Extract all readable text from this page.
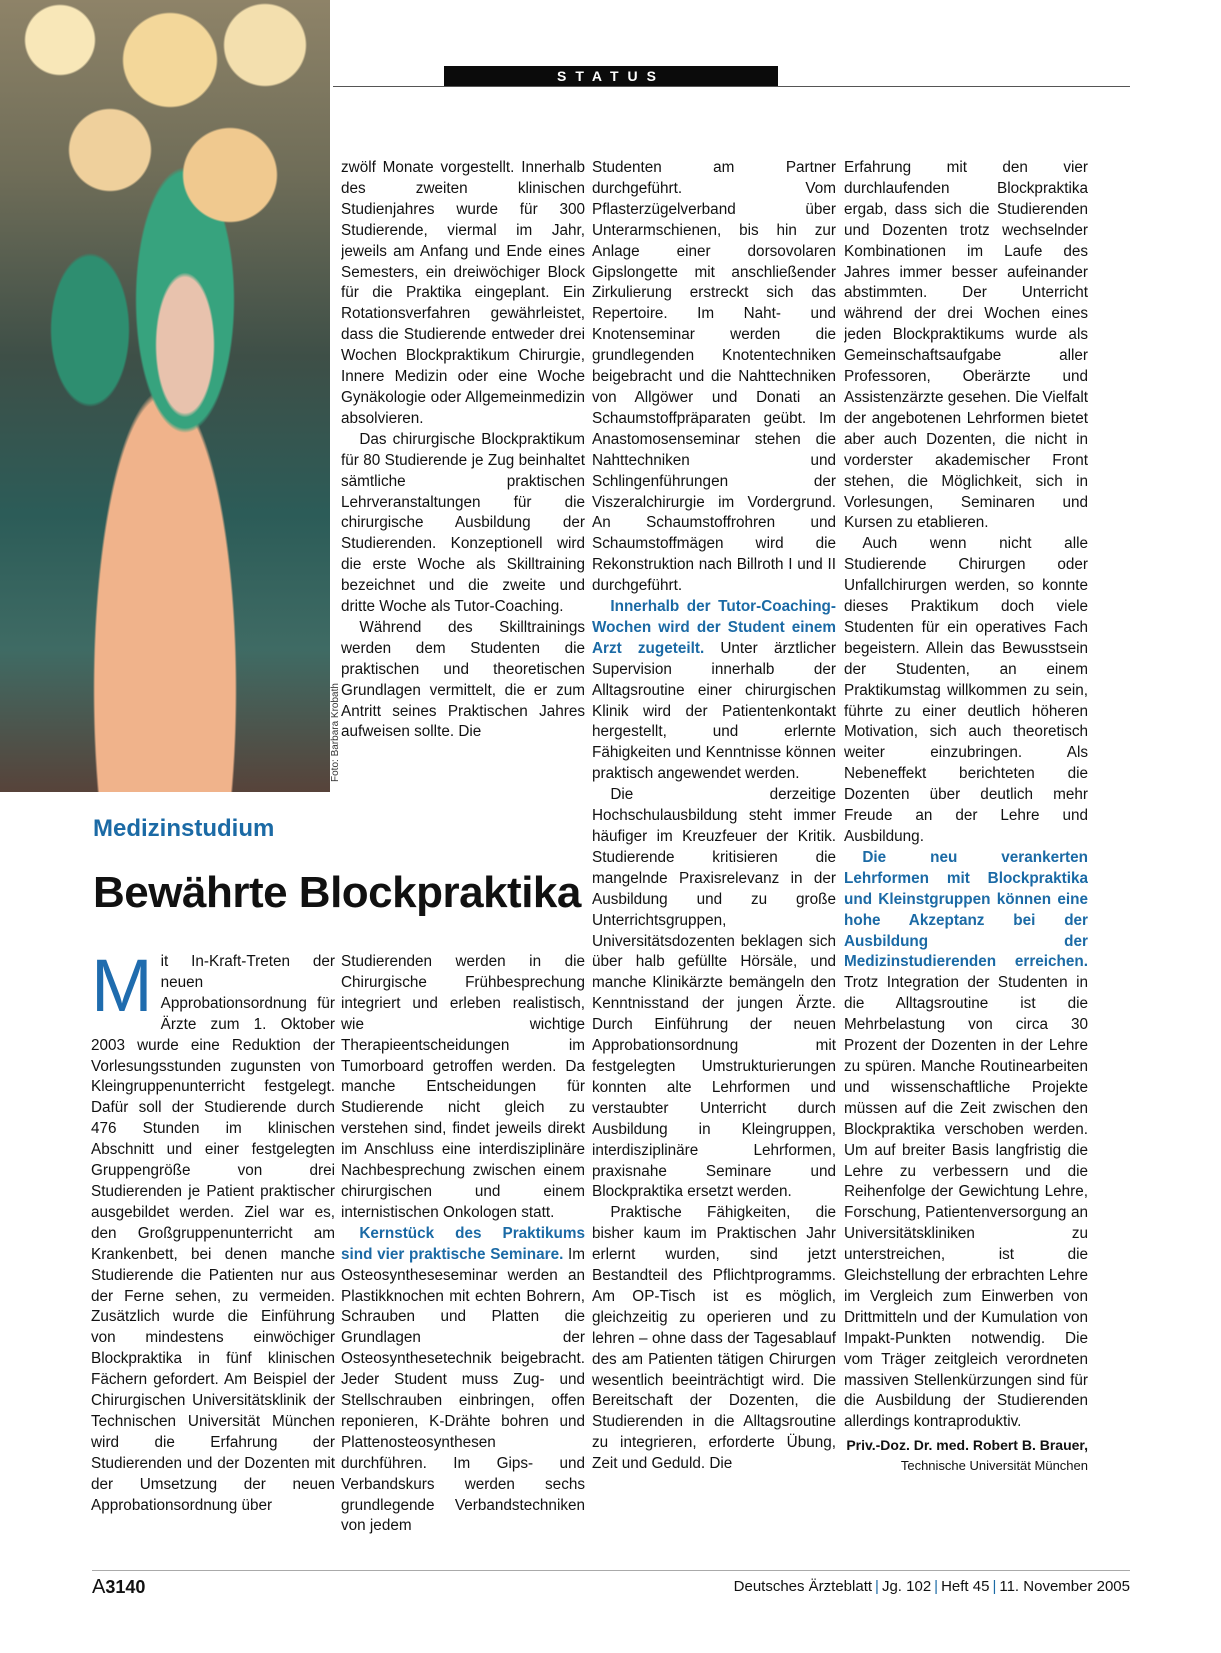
STATUS
Foto: Barbara Krobath

zwölf Monate vorgestellt. Innerhalb des zweiten klinischen Studienjahres wurde für 300 Studierende, viermal im Jahr, jeweils am Anfang und Ende eines Semesters, ein dreiwöchiger Block für die Praktika eingeplant. Ein Rotationsverfahren gewährleistet, dass die Studierende entweder drei Wochen Blockpraktikum Chirurgie, Innere Medizin oder eine Woche Gynäkologie oder Allgemeinmedizin absolvieren.

Das chirurgische Blockpraktikum für 80 Studierende je Zug beinhaltet sämtliche praktischen Lehrveranstaltungen für die chirurgische Ausbildung der Studierenden. Konzeptionell wird die erste Woche als Skilltraining bezeichnet und die zweite und dritte Woche als Tutor-Coaching.

Während des Skilltrainings werden dem Studenten die praktischen und theoretischen Grundlagen vermittelt, die er zum Antritt seines Praktischen Jahres aufweisen sollte. Die

Medizinstudium
Bewährte Blockpraktika

Mit In-Kraft-Treten der neuen Approbationsordnung für Ärzte zum 1. Oktober 2003 wurde eine Reduktion der Vorlesungsstunden zugunsten von Kleingruppenunterricht festgelegt. Dafür soll der Studierende durch 476 Stunden im klinischen Abschnitt und einer festgelegten Gruppengröße von drei Studierenden je Patient praktischer ausgebildet werden. Ziel war es, den Großgruppenunterricht am Krankenbett, bei denen manche Studierende die Patienten nur aus der Ferne sehen, zu vermeiden. Zusätzlich wurde die Einführung von mindestens einwöchiger Blockpraktika in fünf klinischen Fächern gefordert. Am Beispiel der Chirurgischen Universitätsklinik der Technischen Universität München wird die Erfahrung der Studierenden und der Dozenten mit der Umsetzung der neuen Approbationsordnung über

Studierenden werden in die Chirurgische Frühbesprechung integriert und erleben realistisch, wie wichtige Therapieentscheidungen im Tumorboard getroffen werden. Da manche Entscheidungen für Studierende nicht gleich zu verstehen sind, findet jeweils direkt im Anschluss eine interdisziplinäre Nachbesprechung zwischen einem chirurgischen und einem internistischen Onkologen statt.

Kernstück des Praktikums sind vier praktische Seminare. Im Osteosyntheseseminar werden an Plastikknochen mit echten Bohrern, Schrauben und Platten die Grundlagen der Osteosynthesetechnik beigebracht. Jeder Student muss Zug- und Stellschrauben einbringen, offen reponieren, K-Drähte bohren und Plattenosteosynthesen durchführen. Im Gips- und Verbandskurs werden sechs grundlegende Verbandstechniken von jedem

Studenten am Partner durchgeführt. Vom Pflasterzügelverband über Unterarmschienen, bis hin zur Anlage einer dorsovolaren Gipslongette mit anschließender Zirkulierung erstreckt sich das Repertoire. Im Naht- und Knotenseminar werden die grundlegenden Knotentechniken beigebracht und die Nahttechniken von Allgöwer und Donati an Schaumstoffpräparaten geübt. Im Anastomosenseminar stehen die Nahttechniken und Schlingenführungen der Viszeralchirurgie im Vordergrund. An Schaumstoffrohren und Schaumstoffmägen wird die Rekonstruktion nach Billroth I und II durchgeführt.

Innerhalb der Tutor-Coaching-Wochen wird der Student einem Arzt zugeteilt. Unter ärztlicher Supervision innerhalb der Alltagsroutine einer chirurgischen Klinik wird der Patientenkontakt hergestellt, und erlernte Fähigkeiten und Kenntnisse können praktisch angewendet werden.

Die derzeitige Hochschulausbildung steht immer häufiger im Kreuzfeuer der Kritik. Studierende kritisieren die mangelnde Praxisrelevanz in der Ausbildung und zu große Unterrichtsgruppen, Universitätsdozenten beklagen sich über halb gefüllte Hörsäle, und manche Klinikärzte bemängeln den Kenntnisstand der jungen Ärzte. Durch Einführung der neuen Approbationsordnung mit festgelegten Umstrukturierungen konnten alte Lehrformen und verstaubter Unterricht durch Ausbildung in Kleingruppen, interdisziplinäre Lehrformen, praxisnahe Seminare und Blockpraktika ersetzt werden.

Praktische Fähigkeiten, die bisher kaum im Praktischen Jahr erlernt wurden, sind jetzt Bestandteil des Pflichtprogramms. Am OP-Tisch ist es möglich, gleichzeitig zu operieren und zu lehren – ohne dass der Tagesablauf des am Patienten tätigen Chirurgen wesentlich beeinträchtigt wird. Die Bereitschaft der Dozenten, die Studierenden in die Alltagsroutine zu integrieren, erforderte Übung, Zeit und Geduld. Die

Erfahrung mit den vier durchlaufenden Blockpraktika ergab, dass sich die Studierenden und Dozenten trotz wechselnder Kombinationen im Laufe des Jahres immer besser aufeinander abstimmten. Der Unterricht während der drei Wochen eines jeden Blockpraktikums wurde als Gemeinschaftsaufgabe aller Professoren, Oberärzte und Assistenzärzte gesehen. Die Vielfalt der angebotenen Lehrformen bietet aber auch Dozenten, die nicht in vorderster akademischer Front stehen, die Möglichkeit, sich in Vorlesungen, Seminaren und Kursen zu etablieren.

Auch wenn nicht alle Studierende Chirurgen oder Unfallchirurgen werden, so konnte dieses Praktikum doch viele Studenten für ein operatives Fach begeistern. Allein das Bewusstsein der Studenten, an einem Praktikumstag willkommen zu sein, führte zu einer deutlich höheren Motivation, sich auch theoretisch weiter einzubringen. Als Nebeneffekt berichteten die Dozenten über deutlich mehr Freude an der Lehre und Ausbildung.

Die neu verankerten Lehrformen mit Blockpraktika und Kleinstgruppen können eine hohe Akzeptanz bei der Ausbildung der Medizinstudierenden erreichen. Trotz Integration der Studenten in die Alltagsroutine ist die Mehrbelastung von circa 30 Prozent der Dozenten in der Lehre zu spüren. Manche Routinearbeiten und wissenschaftliche Projekte müssen auf die Zeit zwischen den Blockpraktika verschoben werden. Um auf breiter Basis langfristig die Lehre zu verbessern und die Reihenfolge der Gewichtung Lehre, Forschung, Patientenversorgung an Universitätskliniken zu unterstreichen, ist die Gleichstellung der erbrachten Lehre im Vergleich zum Einwerben von Drittmitteln und der Kumulation von Impakt-Punkten notwendig. Die vom Träger zeitgleich verordneten massiven Stellenkürzungen sind für die Ausbildung der Studierenden allerdings kontraproduktiv.

Priv.-Doz. Dr. med. Robert B. Brauer,
Technische Universität München
A3140	Deutsches Ärzteblatt | Jg. 102 | Heft 45 | 11. November 2005
